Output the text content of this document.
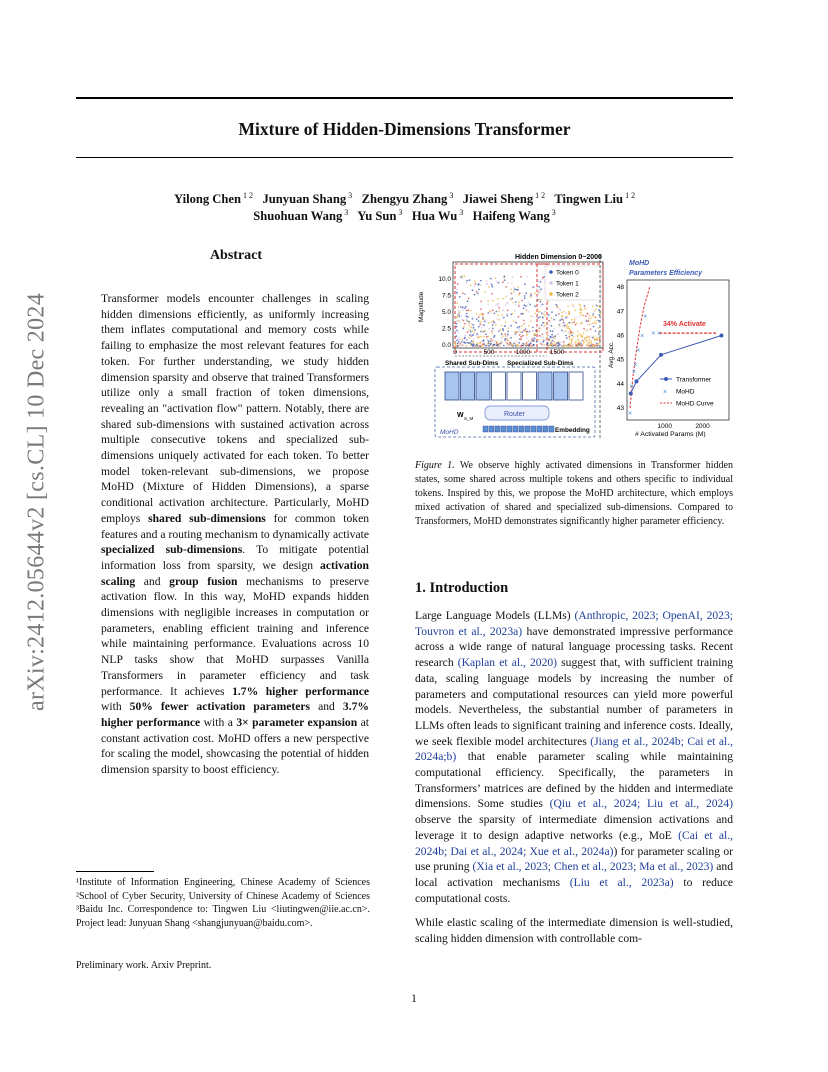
Mixture of Hidden-Dimensions Transformer
Yilong Chen $^{1 2}$ Junyuan Shang $^3$ Zhengyu Zhang $^3$ Jiawei Sheng $^{1 2}$ Tingwen Liu $^{1 2}$
Shuohuan Wang $^3$ Yu Sun $^3$ Hua Wu $^3$ Haifeng Wang $^3$
arXiv:2412.05644v2 [cs.CL] 10 Dec 2024
Abstract
Transformer models encounter challenges in scaling hidden dimensions efficiently, as uniformly increasing them inflates computational and memory costs while failing to emphasize the most relevant features for each token. For further understanding, we study hidden dimension sparsity and observe that trained Transformers utilize only a small fraction of token dimensions, revealing an "activation flow" pattern. Notably, there are shared sub-dimensions with sustained activation across multiple consecutive tokens and specialized sub-dimensions uniquely activated for each token. To better model token-relevant sub-dimensions, we propose MoHD (Mixture of Hidden Dimensions), a sparse conditional activation architecture. Particularly, MoHD employs shared sub-dimensions for common token features and a routing mechanism to dynamically activate specialized sub-dimensions. To mitigate potential information loss from sparsity, we design activation scaling and group fusion mechanisms to preserve activation flow. In this way, MoHD expands hidden dimensions with negligible increases in computation or parameters, enabling efficient training and inference while maintaining performance. Evaluations across 10 NLP tasks show that MoHD surpasses Vanilla Transformers in parameter efficiency and task performance. It achieves 1.7% higher performance with 50% fewer activation parameters and 3.7% higher performance with a 3× parameter expansion at constant activation cost. MoHD offers a new perspective for scaling the model, showcasing the potential of hidden dimension sparsity to boost efficiency.
¹Institute of Information Engineering, Chinese Academy of Sciences ²School of Cyber Security, University of Chinese Academy of Sciences ³Baidu Inc. Correspondence to: Tingwen Liu <liutingwen@iie.ac.cn>. Project lead: Junyuan Shang <shangjunyuan@baidu.com>.
Preliminary work. Arxiv Preprint.
Hidden Dimension 0~2000
Magnitude
10.0
7.5
5.0
2.5
0.0
0	500	1000	1500
Token 0
Token 1
Token 2
Shared Sub-Dims Specialized Sub-Dims
W S_M
Router
MoHD	Embedding
MoHD
Parameters Efficiency
Avg. Acc.
48
47
46
45
44
43
1000	2000
# Activated Params (M)
×
×
×
×
×
×
×
× ×
34% Activate
Transformer
× MoHD
MoHD Curve
Figure 1. We observe highly activated dimensions in Transformer hidden states, some shared across multiple tokens and others specific to individual tokens. Inspired by this, we propose the MoHD architecture, which employs mixed activation of shared and specialized sub-dimensions. Compared to Transformers, MoHD demonstrates significantly higher parameter efficiency.
1. Introduction
Large Language Models (LLMs) (Anthropic, 2023; OpenAI, 2023; Touvron et al., 2023a) have demonstrated impressive performance across a wide range of natural language processing tasks. Recent research (Kaplan et al., 2020) suggest that, with sufficient training data, scaling language models by increasing the number of parameters and computational resources can yield more powerful models. Nevertheless, the substantial number of parameters in LLMs often leads to significant training and inference costs. Ideally, we seek flexible model architectures (Jiang et al., 2024b; Cai et al., 2024a;b) that enable parameter scaling while maintaining computational efficiency. Specifically, the parameters in Transformers’ matrices are defined by the hidden and intermediate dimensions. Some studies (Qiu et al., 2024; Liu et al., 2024) observe the sparsity of intermediate dimension activations and leverage it to design adaptive networks (e.g., MoE (Cai et al., 2024b; Dai et al., 2024; Xue et al., 2024a)) for parameter scaling or use pruning (Xia et al., 2023; Chen et al., 2023; Ma et al., 2023) and local activation mechanisms (Liu et al., 2023a) to reduce computational costs.
While elastic scaling of the intermediate dimension is well-studied, scaling hidden dimension with controllable com-
1
